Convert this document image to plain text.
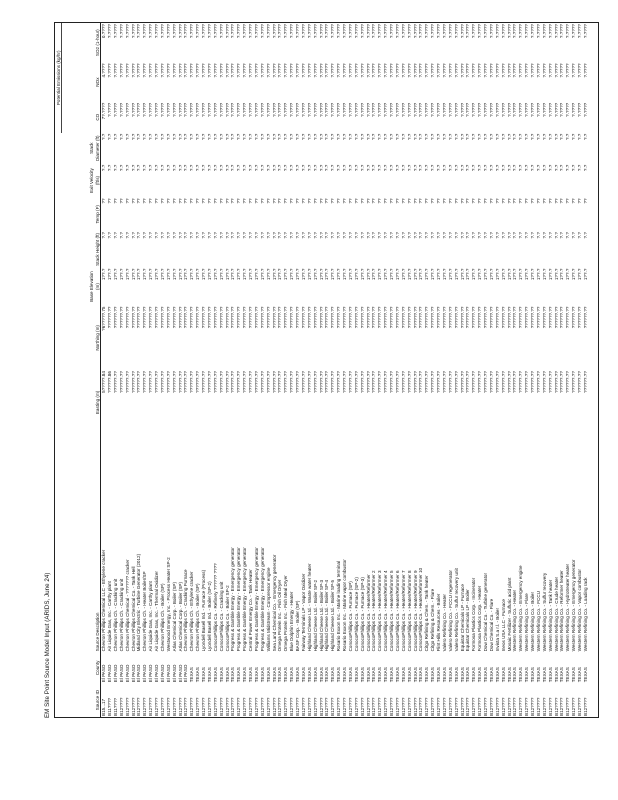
EM Site Point Source Model Input (ARIDS, June 24)
										Potential Emissions (kg/hr)		
Source ID	County	Source Description	Easting (m)	Northing (m)	Base Elevation (m)	Stack Height (ft)	Temp (F)	Exit Velocity (ft/s)	Stack Diameter (ft)	CO	NOx	SO2 (1-hour)
B15...17	El PASO	Chevron Phillips Chemical LLC - Ethylene cracker	5?????.84	?6?????.75	1??.?	?.?	??	?.?	?.?	7?.????	4.????	0.????
B11????	El PASO	Air Liquide Gas, Inc. - Carthy plant	??????.86	??????.??	1??.?	?.?	??	?.?	?.?	?.????	?.????	?.????
B11????	El PASO	Chevron Phillips Ch. - Cracking unit	??????.??	??????.??	1??.?	?.?	??	?.?	?.?	?.????	?.????	?.????
B12????	El PASO	Chevron Phillips Ch. - Cracking unit	??????.??	??????.??	1??.?	?.?	??	?.?	?.?	?.????	?.????	?.????
B12????	El PASO	Chevron Phillips Chemical - ??????? cracker	??????.??	??????.??	1??.?	?.?	??	?.?	?.?	?.????	?.????	?.????
B12????	El PASO	Chevron Phillips Chemical Co. - Tank Hell	??????.??	??????.??	1??.?	?.?	??	?.?	?.?	?.????	?.????	?.????
B12????	El PASO	Midland City Electric - Turbine Generator (2012)	??????.??	??????.??	1??.?	?.?	??	?.?	?.?	?.????	?.????	?.????
B12????	El PASO	Chevron Phillips Ch. - Heater Boiler/SP	??????.??	??????.??	1??.?	?.?	??	?.?	?.?	?.????	?.????	?.????
B12????	El PASO	Air Liquide Gas, Inc. - Carthy plant	??????.??	??????.??	1??.?	?.?	??	?.?	?.?	?.????	?.????	?.????
B12????	El PASO	Air Liquide Gas, Inc. - Thermal Oxidizer	??????.??	??????.??	1??.?	?.?	??	?.?	?.?	?.????	?.????	?.????
B12????	El PASO	Chevron Phillips Ch. - Boiler (SP)	??????.??	??????.??	1??.?	?.?	??	?.?	?.?	?.????	?.????	?.????
B12????	El PASO	Westwood Energy, Inc. - Process Heater SP-2	??????.??	??????.??	1??.?	?.?	??	?.?	?.?	?.????	?.????	?.????
B12????	El PASO	Atlas Chemical Corp. - Boiler (SP)	??????.??	??????.??	1??.?	?.?	??	?.?	?.?	?.????	?.????	?.????
B12????	El PASO	Atlas Chemical Corp. - Boiler (SP)	??????.??	??????.??	1??.?	?.?	??	?.?	?.?	?.????	?.????	?.????
B12????	El PASO	Chevron Phillips Ch. - Cracking Furnace	??????.??	??????.??	1??.?	?.?	??	?.?	?.?	?.????	?.????	?.????
B12????	TEXAS	Chevron Phillips Ch. - Ethylene cracker	??????.??	??????.??	1??.?	?.?	??	?.?	?.?	?.????	?.????	?.????
B12????	TEXAS	Chevron Phillips Ch. - Boiler (SP)	??????.??	??????.??	1??.?	?.?	??	?.?	?.?	?.????	?.????	?.????
B12????	TEXAS	Lyondell Basell Ind. - Furnace (Process)	??????.??	??????.??	1??.?	?.?	??	?.?	?.?	?.????	?.????	?.????
B12????	TEXAS	Lyondell Basell Ind. - Boiler (SP-2)	??????.??	??????.??	1??.?	?.?	??	?.?	?.?	?.????	?.????	?.????
B12????	TEXAS	ConocoPhillips Co. - Refinery ?????? ????	??????.??	??????.??	1??.?	?.?	??	?.?	?.?	?.????	?.????	?.????
B12????	TEXAS	ConocoPhillips Co. - Cracking unit	??????.??	??????.??	1??.?	?.?	??	?.?	?.?	?.????	?.????	?.????
B12????	TEXAS	ConocoPhillips Co. - Boiler SP-2	??????.??	??????.??	1??.?	?.?	??	?.?	?.?	?.????	?.????	?.????
B12????	TEXAS	Progress & Gamble Energy - Emergency generator	??????.??	??????.??	1??.?	?.?	??	?.?	?.?	?.????	?.????	?.????
B12????	TEXAS	Progress & Gamble Energy - Emergency generator	??????.??	??????.??	1??.?	?.?	??	?.?	?.?	?.????	?.????	?.????
B12????	TEXAS	Progress & Gamble Energy - Emergency generator	??????.??	??????.??	1??.?	?.?	??	?.?	?.?	?.????	?.????	?.????
B12????	TEXAS	Central Power Energy Co. - Tank Heater	??????.??	??????.??	1??.?	?.?	??	?.?	?.?	?.????	?.????	?.????
B12????	TEXAS	Progress & Gamble Energy - Emergency generator	??????.??	??????.??	1??.?	?.?	??	?.?	?.?	?.????	?.????	?.????
B12????	TEXAS	Progress & Gamble Energy - Emergency generator	??????.??	??????.??	1??.?	?.?	??	?.?	?.?	?.????	?.????	?.????
B12????	TEXAS	Williams Midstream - Compressor engine	??????.??	??????.??	1??.?	?.?	??	?.?	?.?	?.????	?.????	?.????
B12????	TEXAS	Sea Land Chemical Co. - Emergency generator	??????.??	??????.??	1??.?	?.?	??	?.?	?.?	?.????	?.????	?.????
B12????	TEXAS	Omega Protein Inc. - Fish Oil Dryer	??????.??	??????.??	1??.?	?.?	??	?.?	?.?	?.????	?.????	?.????
B12????	TEXAS	Omega Protein Inc. - Fish Meal Dryer	??????.??	??????.??	1??.?	?.?	??	?.?	?.?	?.????	?.????	?.????
B12????	TEXAS	Blue Dolphin Energy - Heater	??????.??	??????.??	1??.?	?.?	??	?.?	?.?	?.????	?.????	?.????
B12????	TEXAS	BASF Corp. - Boiler (SP)	??????.??	??????.??	1??.?	?.?	??	?.?	?.?	?.????	?.????	?.????
B12????	TEXAS	Fairway Terminals LP - Vapor Oxidizer	??????.??	??????.??	1??.?	?.?	??	?.?	?.?	?.????	?.????	?.????
B12????	TEXAS	Highland Cheese Ltd. - Waste water heater	??????.??	??????.??	1??.?	?.?	??	?.?	?.?	?.????	?.????	?.????
B12????	TEXAS	Highland Cheese Ltd. - Boiler SP-2	??????.??	??????.??	1??.?	?.?	??	?.?	?.?	?.????	?.????	?.????
B12????	TEXAS	Highland Cheese Ltd. - Boiler SP-3	??????.??	??????.??	1??.?	?.?	??	?.?	?.?	?.????	?.????	?.????
B12????	TEXAS	Highland Cheese Ltd. - Boiler SP-4	??????.??	??????.??	1??.?	?.?	??	?.?	?.?	?.????	?.????	?.????
B12????	TEXAS	Highland Cheese Ltd. - Boiler SP-5	??????.??	??????.??	1??.?	?.?	??	?.?	?.?	?.????	?.????	?.????
B12????	TEXAS	Rosario Exxon Inc. - Marine loading terminal	??????.??	??????.??	1??.?	?.?	??	?.?	?.?	?.????	?.????	?.????
B12????	TEXAS	Rosario Exxon Inc. - Marine vapor combustor	??????.??	??????.??	1??.?	?.?	??	?.?	?.?	?.????	?.????	?.????
B12????	TEXAS	ConocoPhillips Co. - Furnace (SP)	??????.??	??????.??	1??.?	?.?	??	?.?	?.?	?.????	?.????	?.????
B12????	TEXAS	ConocoPhillips Co. - Furnace (SP-2)	??????.??	??????.??	1??.?	?.?	??	?.?	?.?	?.????	?.????	?.????
B12????	TEXAS	ConocoPhillips Co. - Furnace (SP-3)	??????.??	??????.??	1??.?	?.?	??	?.?	?.?	?.????	?.????	?.????
B12????	TEXAS	ConocoPhillips Co. - Heater/Reformer	??????.??	??????.??	1??.?	?.?	??	?.?	?.?	?.????	?.????	?.????
B12????	TEXAS	ConocoPhillips Co. - Heater/Reformer 2	??????.??	??????.??	1??.?	?.?	??	?.?	?.?	?.????	?.????	?.????
B12????	TEXAS	ConocoPhillips Co. - Heater/Reformer 3	??????.??	??????.??	1??.?	?.?	??	?.?	?.?	?.????	?.????	?.????
B12????	TEXAS	ConocoPhillips Co. - Heater/Reformer 4	??????.??	??????.??	1??.?	?.?	??	?.?	?.?	?.????	?.????	?.????
B12????	TEXAS	ConocoPhillips Co. - Heater/Reformer 5	??????.??	??????.??	1??.?	?.?	??	?.?	?.?	?.????	?.????	?.????
B12????	TEXAS	ConocoPhillips Co. - Heater/Reformer 6	??????.??	??????.??	1??.?	?.?	??	?.?	?.?	?.????	?.????	?.????
B12????	TEXAS	ConocoPhillips Co. - Heater/Reformer 7	??????.??	??????.??	1??.?	?.?	??	?.?	?.?	?.????	?.????	?.????
B12????	TEXAS	ConocoPhillips Co. - Heater/Reformer 8	??????.??	??????.??	1??.?	?.?	??	?.?	?.?	?.????	?.????	?.????
B12????	TEXAS	ConocoPhillips Co. - Heater/Reformer 9	??????.??	??????.??	1??.?	?.?	??	?.?	?.?	?.????	?.????	?.????
B12????	TEXAS	ConocoPhillips Co. - Heater/Reformer 10	??????.??	??????.??	1??.?	?.?	??	?.?	?.?	?.????	?.????	?.????
B12????	TEXAS	Citgo Refining & Chem. - Tank heater	??????.??	??????.??	1??.?	?.?	??	?.?	?.?	?.????	?.????	?.????
B12????	TEXAS	Citgo Refining & Chem. - Flare	??????.??	??????.??	1??.?	?.?	??	?.?	?.?	?.????	?.????	?.????
B12????	TEXAS	Flint Hills Resources - Boiler	??????.??	??????.??	1??.?	?.?	??	?.?	?.?	?.????	?.????	?.????
B12????	TEXAS	Valero Refining Co. - Heater	??????.??	??????.??	1??.?	?.?	??	?.?	?.?	?.????	?.????	?.????
B12????	TEXAS	Valero Refining Co. - FCCU regenerator	??????.??	??????.??	1??.?	?.?	??	?.?	?.?	?.????	?.????	?.????
B12????	TEXAS	Valero Refining Co. - Sulfur recovery unit	??????.??	??????.??	1??.?	?.?	??	?.?	?.?	?.????	?.????	?.????
B12????	TEXAS	Equistar Chemicals LP - Furnace	??????.??	??????.??	1??.?	?.?	??	?.?	?.?	?.????	?.????	?.????
B12????	TEXAS	Equistar Chemicals LP - Boiler	??????.??	??????.??	1??.?	?.?	??	?.?	?.?	?.????	?.????	?.????
B12????	TEXAS	Formosa Plastics Corp. - Incinerator	??????.??	??????.??	1??.?	?.?	??	?.?	?.?	?.????	?.????	?.????
B12????	TEXAS	Formosa Plastics Corp. - Heater	??????.??	??????.??	1??.?	?.?	??	?.?	?.?	?.????	?.????	?.????
B12????	TEXAS	Dow Chemical Co. - Turbine generator	??????.??	??????.??	1??.?	?.?	??	?.?	?.?	?.????	?.????	?.????
B12????	TEXAS	Dow Chemical Co. - Flare	??????.??	??????.??	1??.?	?.?	??	?.?	?.?	?.????	?.????	?.????
B12????	TEXAS	Invista S.a r.l. - Boiler	??????.??	??????.??	1??.?	?.?	??	?.?	?.?	?.????	?.????	?.????
B12????	TEXAS	Ineos USA LLC - Furnace	??????.??	??????.??	1??.?	?.?	??	?.?	?.?	?.????	?.????	?.????
B12????	TEXAS	Mosaic Fertilizer - Sulfuric acid plant	??????.??	??????.??	1??.?	?.?	??	?.?	?.?	?.????	?.????	?.????
B12????	TEXAS	Western Refining Co. - Heater	??????.??	??????.??	1??.?	?.?	??	?.?	?.?	?.????	?.????	?.????
B12????	TEXAS	Western Refining Co. - Emergency engine	??????.??	??????.??	1??.?	?.?	??	?.?	?.?	?.????	?.????	?.????
B12????	TEXAS	Western Refining Co. - Flare	??????.??	??????.??	1??.?	?.?	??	?.?	?.?	?.????	?.????	?.????
B12????	TEXAS	Western Refining Co. - Boiler	??????.??	??????.??	1??.?	?.?	??	?.?	?.?	?.????	?.????	?.????
B12????	TEXAS	Western Refining Co. - FCCU	??????.??	??????.??	1??.?	?.?	??	?.?	?.?	?.????	?.????	?.????
B12????	TEXAS	Western Refining Co. - Sulfur recovery	??????.??	??????.??	1??.?	?.?	??	?.?	?.?	?.????	?.????	?.????
B12????	TEXAS	Western Refining Co. - Tank heater	??????.??	??????.??	1??.?	?.?	??	?.?	?.?	?.????	?.????	?.????
B12????	TEXAS	Western Refining Co. - Crude heater	??????.??	??????.??	1??.?	?.?	??	?.?	?.?	?.????	?.????	?.????
B12????	TEXAS	Western Refining Co. - Reformer heater	??????.??	??????.??	1??.?	?.?	??	?.?	?.?	?.????	?.????	?.????
B12????	TEXAS	Western Refining Co. - Hydrotreater heater	??????.??	??????.??	1??.?	?.?	??	?.?	?.?	?.????	?.????	?.????
B12????	TEXAS	Western Refining Co. - Emergency generator	??????.??	??????.??	1??.?	?.?	??	?.?	?.?	?.????	?.????	?.????
B12????	TEXAS	Western Refining Co. - Vapor combustor	??????.??	??????.??	1??.?	?.?	??	?.?	?.?	?.????	?.????	?.????
B12????	TEXAS	Western Refining Co. - Loading rack	??????.??	??????.??	1??.?	?.?	??	?.?	?.?	?.????	?.????	?.????
